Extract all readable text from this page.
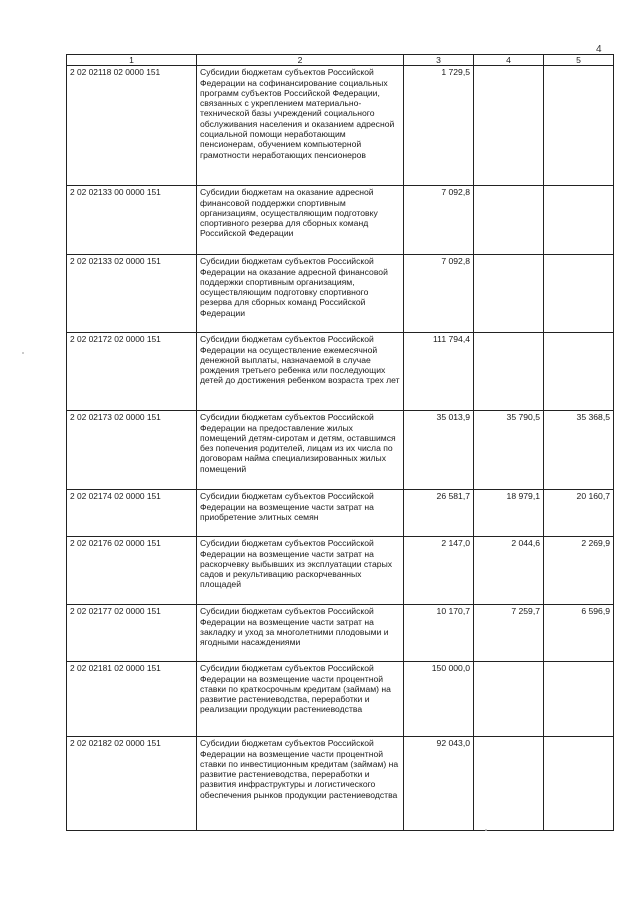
4
1	2	3	4	5
2 02 02118 02 0000 151	Субсидии бюджетам субъектов Российской Федерации на софинансирование социальных программ субъектов Российской Федерации, связанных с укреплением материально-технической базы учреждений социального обслуживания населения и оказанием адресной социальной помощи неработающим пенсионерам, обучением компьютерной грамотности неработающих пенсионеров	1 729,5		
2 02 02133 00 0000 151	Субсидии бюджетам на оказание адресной финансовой поддержки спортивным организациям, осуществляющим подготовку спортивного резерва для сборных команд Российской Федерации	7 092,8		
2 02 02133 02 0000 151	Субсидии бюджетам субъектов Российской Федерации на оказание адресной финансовой поддержки спортивным организациям, осуществляющим подготовку спортивного резерва для сборных команд Российской Федерации	7 092,8		
2 02 02172 02 0000 151	Субсидии бюджетам субъектов Российской Федерации на осуществление ежемесячной денежной выплаты, назначаемой в случае рождения третьего ребенка или последующих детей до достижения ребенком возраста трех лет	111 794,4		
2 02 02173 02 0000 151	Субсидии бюджетам субъектов Российской Федерации на предоставление жилых помещений детям-сиротам и детям, оставшимся без попечения родителей, лицам из их числа по договорам найма специализированных жилых помещений	35 013,9	35 790,5	35 368,5
2 02 02174 02 0000 151	Субсидии бюджетам субъектов Российской Федерации на возмещение части затрат на приобретение элитных семян	26 581,7	18 979,1	20 160,7
2 02 02176 02 0000 151	Субсидии бюджетам субъектов Российской Федерации на возмещение части затрат на раскорчевку выбывших из эксплуатации старых садов и рекультивацию раскорчеванных площадей	2 147,0	2 044,6	2 269,9
2 02 02177 02 0000 151	Субсидии бюджетам субъектов Российской Федерации на возмещение части затрат на закладку и уход за многолетними плодовыми и ягодными насаждениями	10 170,7	7 259,7	6 596,9
2 02 02181 02 0000 151	Субсидии бюджетам субъектов Российской Федерации на возмещение части процентной ставки по краткосрочным кредитам (займам) на развитие растениеводства, переработки и реализации продукции растениеводства	150 000,0		
2 02 02182 02 0000 151	Субсидии бюджетам субъектов Российской Федерации на возмещение части процентной ставки по инвестиционным кредитам (займам) на развитие растениеводства, переработки и развития инфраструктуры и логистического обеспечения рынков продукции растениеводства	92 043,0		
